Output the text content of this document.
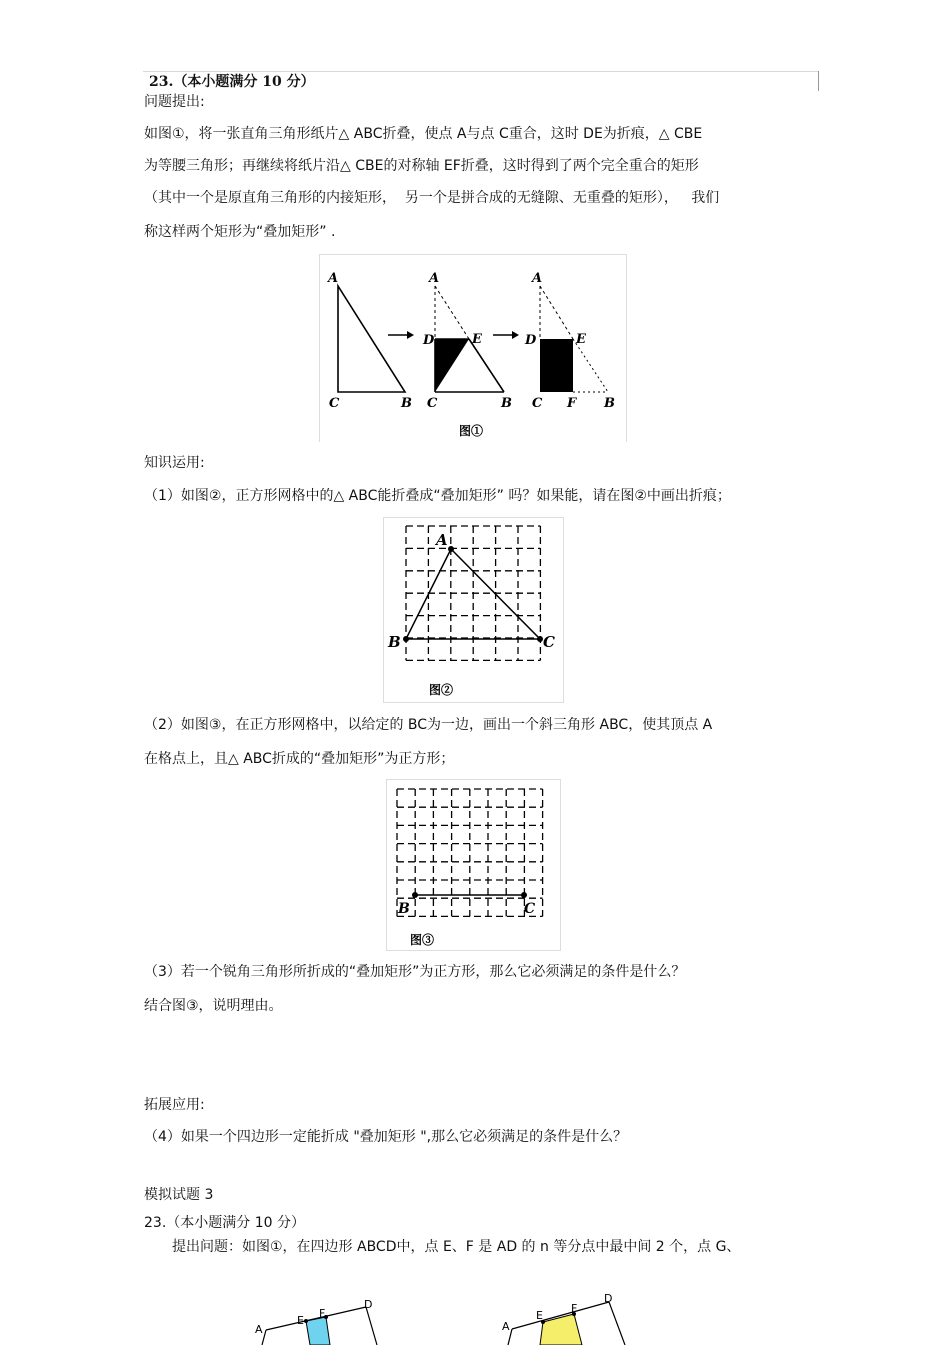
23.（本小题满分 10 分）
问题提出:
如图①，将一张直角三角形纸片△ ABC折叠，使点 A与点 C重合，这时 DE为折痕，△ CBE
为等腰三角形；再继续将纸片沿△ CBE的对称轴 EF折叠，这时得到了两个完全重合的矩形
（其中一个是原直角三角形的内接矩形，  另一个是拼合成的无缝隙、无重叠的矩形），   我们
称这样两个矩形为“叠加矩形” .
A
C	B
A
D	E
C	B
A
D	E
C F B
图①
知识运用:
（1）如图②，正方形网格中的△ ABC能折叠成“叠加矩形” 吗？如果能，请在图②中画出折痕；
A
B	C
图②
（2）如图③，在正方形网格中，以给定的 BC为一边，画出一个斜三角形 ABC，使其顶点 A
在格点上，且△ ABC折成的“叠加矩形”为正方形；
B	C
图③
（3）若一个锐角三角形所折成的“叠加矩形”为正方形，那么它必须满足的条件是什么？
结合图③，说明理由。
拓展应用:
（4）如果一个四边形一定能折成 "叠加矩形 ",那么它必须满足的条件是什么？
模拟试题 3
23.（本小题满分 10 分）
提出问题：如图①，在四边形 ABCD中，点 E、F 是 AD 的 n 等分点中最中间 2 个，点 G、
A
E
F
D
A
E
F
D
